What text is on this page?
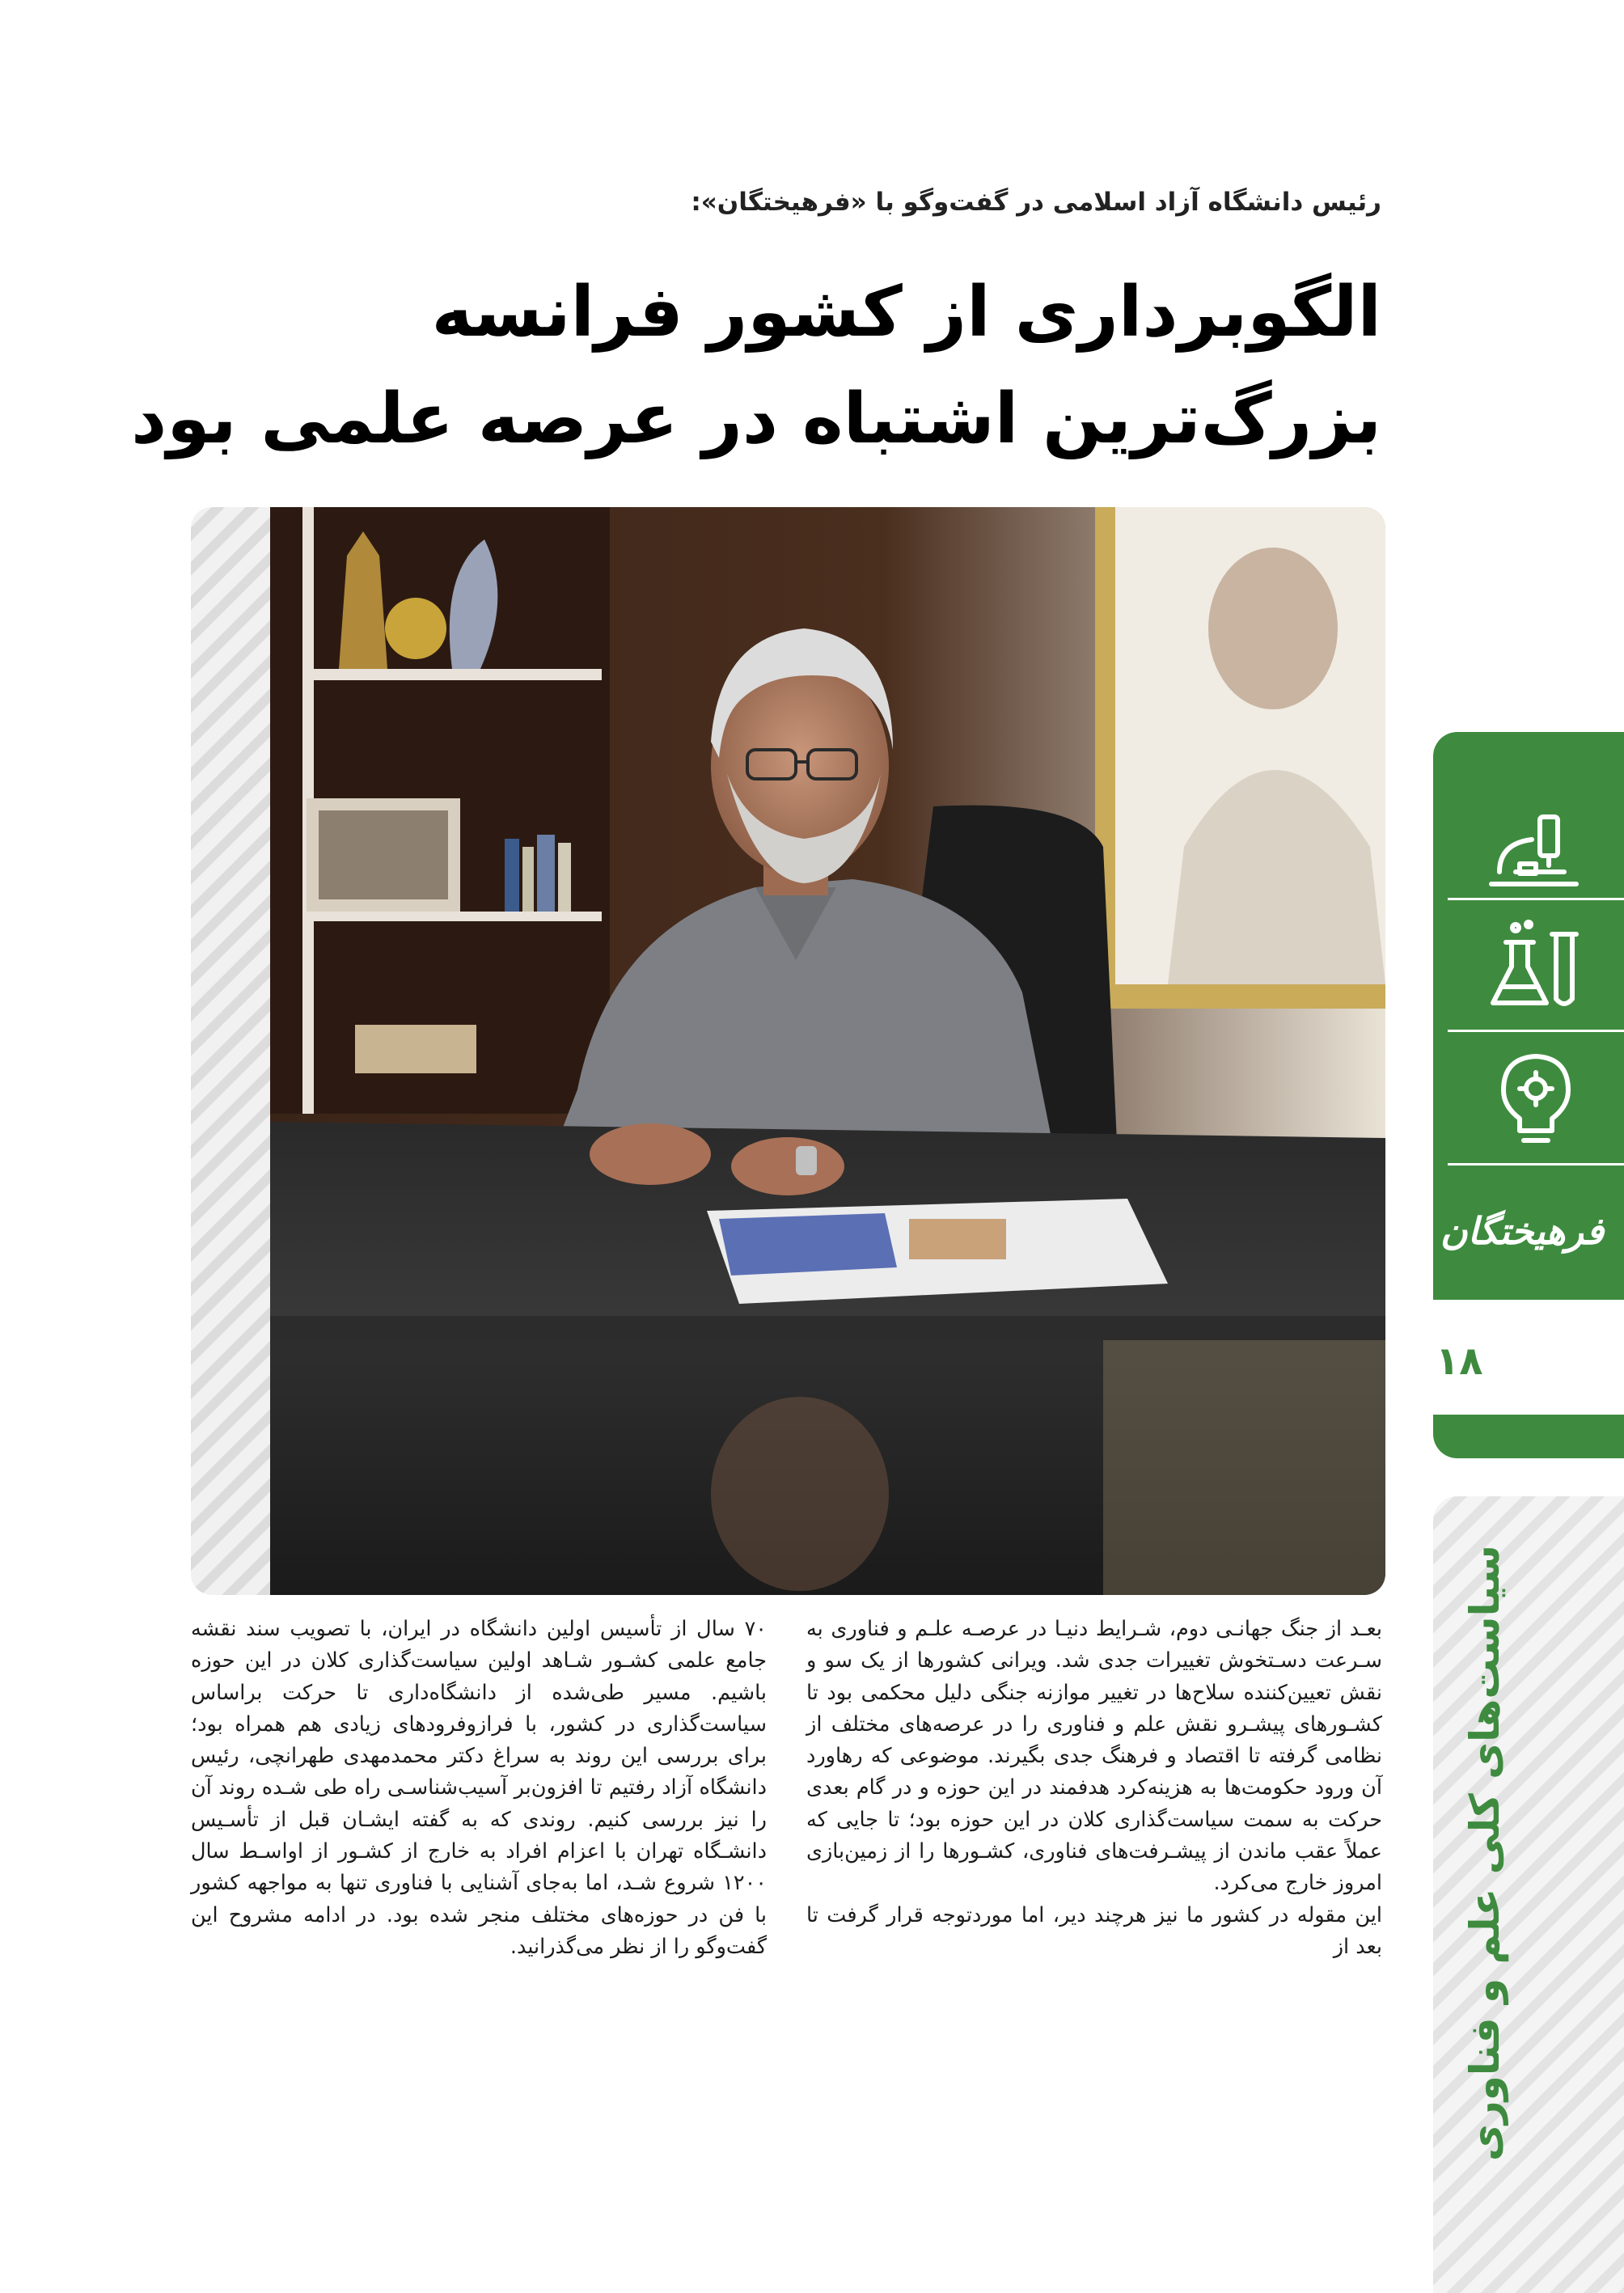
رئیس دانشگاه آزاد اسلامی در گفت‌وگو با «فرهیختگان»:
الگوبرداری از کشور فرانسه
بزرگ‌ترین اشتباه در عرصه علمی بود

بعـد از جنگ جهانـی دوم، شـرایط دنیـا در عرصـه علـم و فناوری به سـرعت دسـتخوش تغییرات جدی شد. ویرانی کشورها از یک سو و نقش تعیین‌کننده سلاح‌ها در تغییر موازنه جنگی دلیل محکمی بود تا کشـورهای پیشـرو نقش علم و فناوری را در عرصه‌های مختلف از نظامی گرفته تا اقتصاد و فرهنگ جدی بگیرند. موضوعی که رهاورد آن ورود حکومت‌ها به هزینه‌کرد هدفمند در این حوزه و در گام بعدی حرکت به سمت سیاست‌گذاری کلان در این حوزه بود؛ تا جایی که عملاً عقب ماندن از پیشـرفت‌های فناوری، کشـورها را از زمین‌بازی امروز خارج می‌کرد.

این مقوله در کشور ما نیز هرچند دیر، اما موردتوجه قرار گرفت تا بعد از

۷۰ سال از تأسیس اولین دانشگاه در ایران، با تصویب سند نقشه جامع علمی کشـور شـاهد اولین سیاست‌گذاری کلان در این حوزه باشیم. مسیر طی‌شده از دانشگاه‌داری تا حرکت براساس سیاست‌گذاری در کشور، با فرازوفرودهای زیادی هم همراه بود؛ برای بررسی این روند به سراغ دکتر محمدمهدی طهرانچی، رئیس دانشگاه آزاد رفتیم تا افزون‌بر آسیب‌شناسـی راه طی شـده روند آن را نیز بررسی کنیم. روندی که به گفته ایشـان قبل از تأسـیس دانشـگاه تهران با اعزام افراد به خارج از کشـور از اواسـط سال ۱۲۰۰ شروع شـد، اما به‌جای آشنایی با فناوری تنها به مواجهه کشور با فن در حوزه‌های مختلف منجر شده بود. در ادامه مشروح این گفت‌وگو را از نظر می‌گذرانید.

فرهیختگان
۱۸
سیاست‌های کلی علم و فناوری
